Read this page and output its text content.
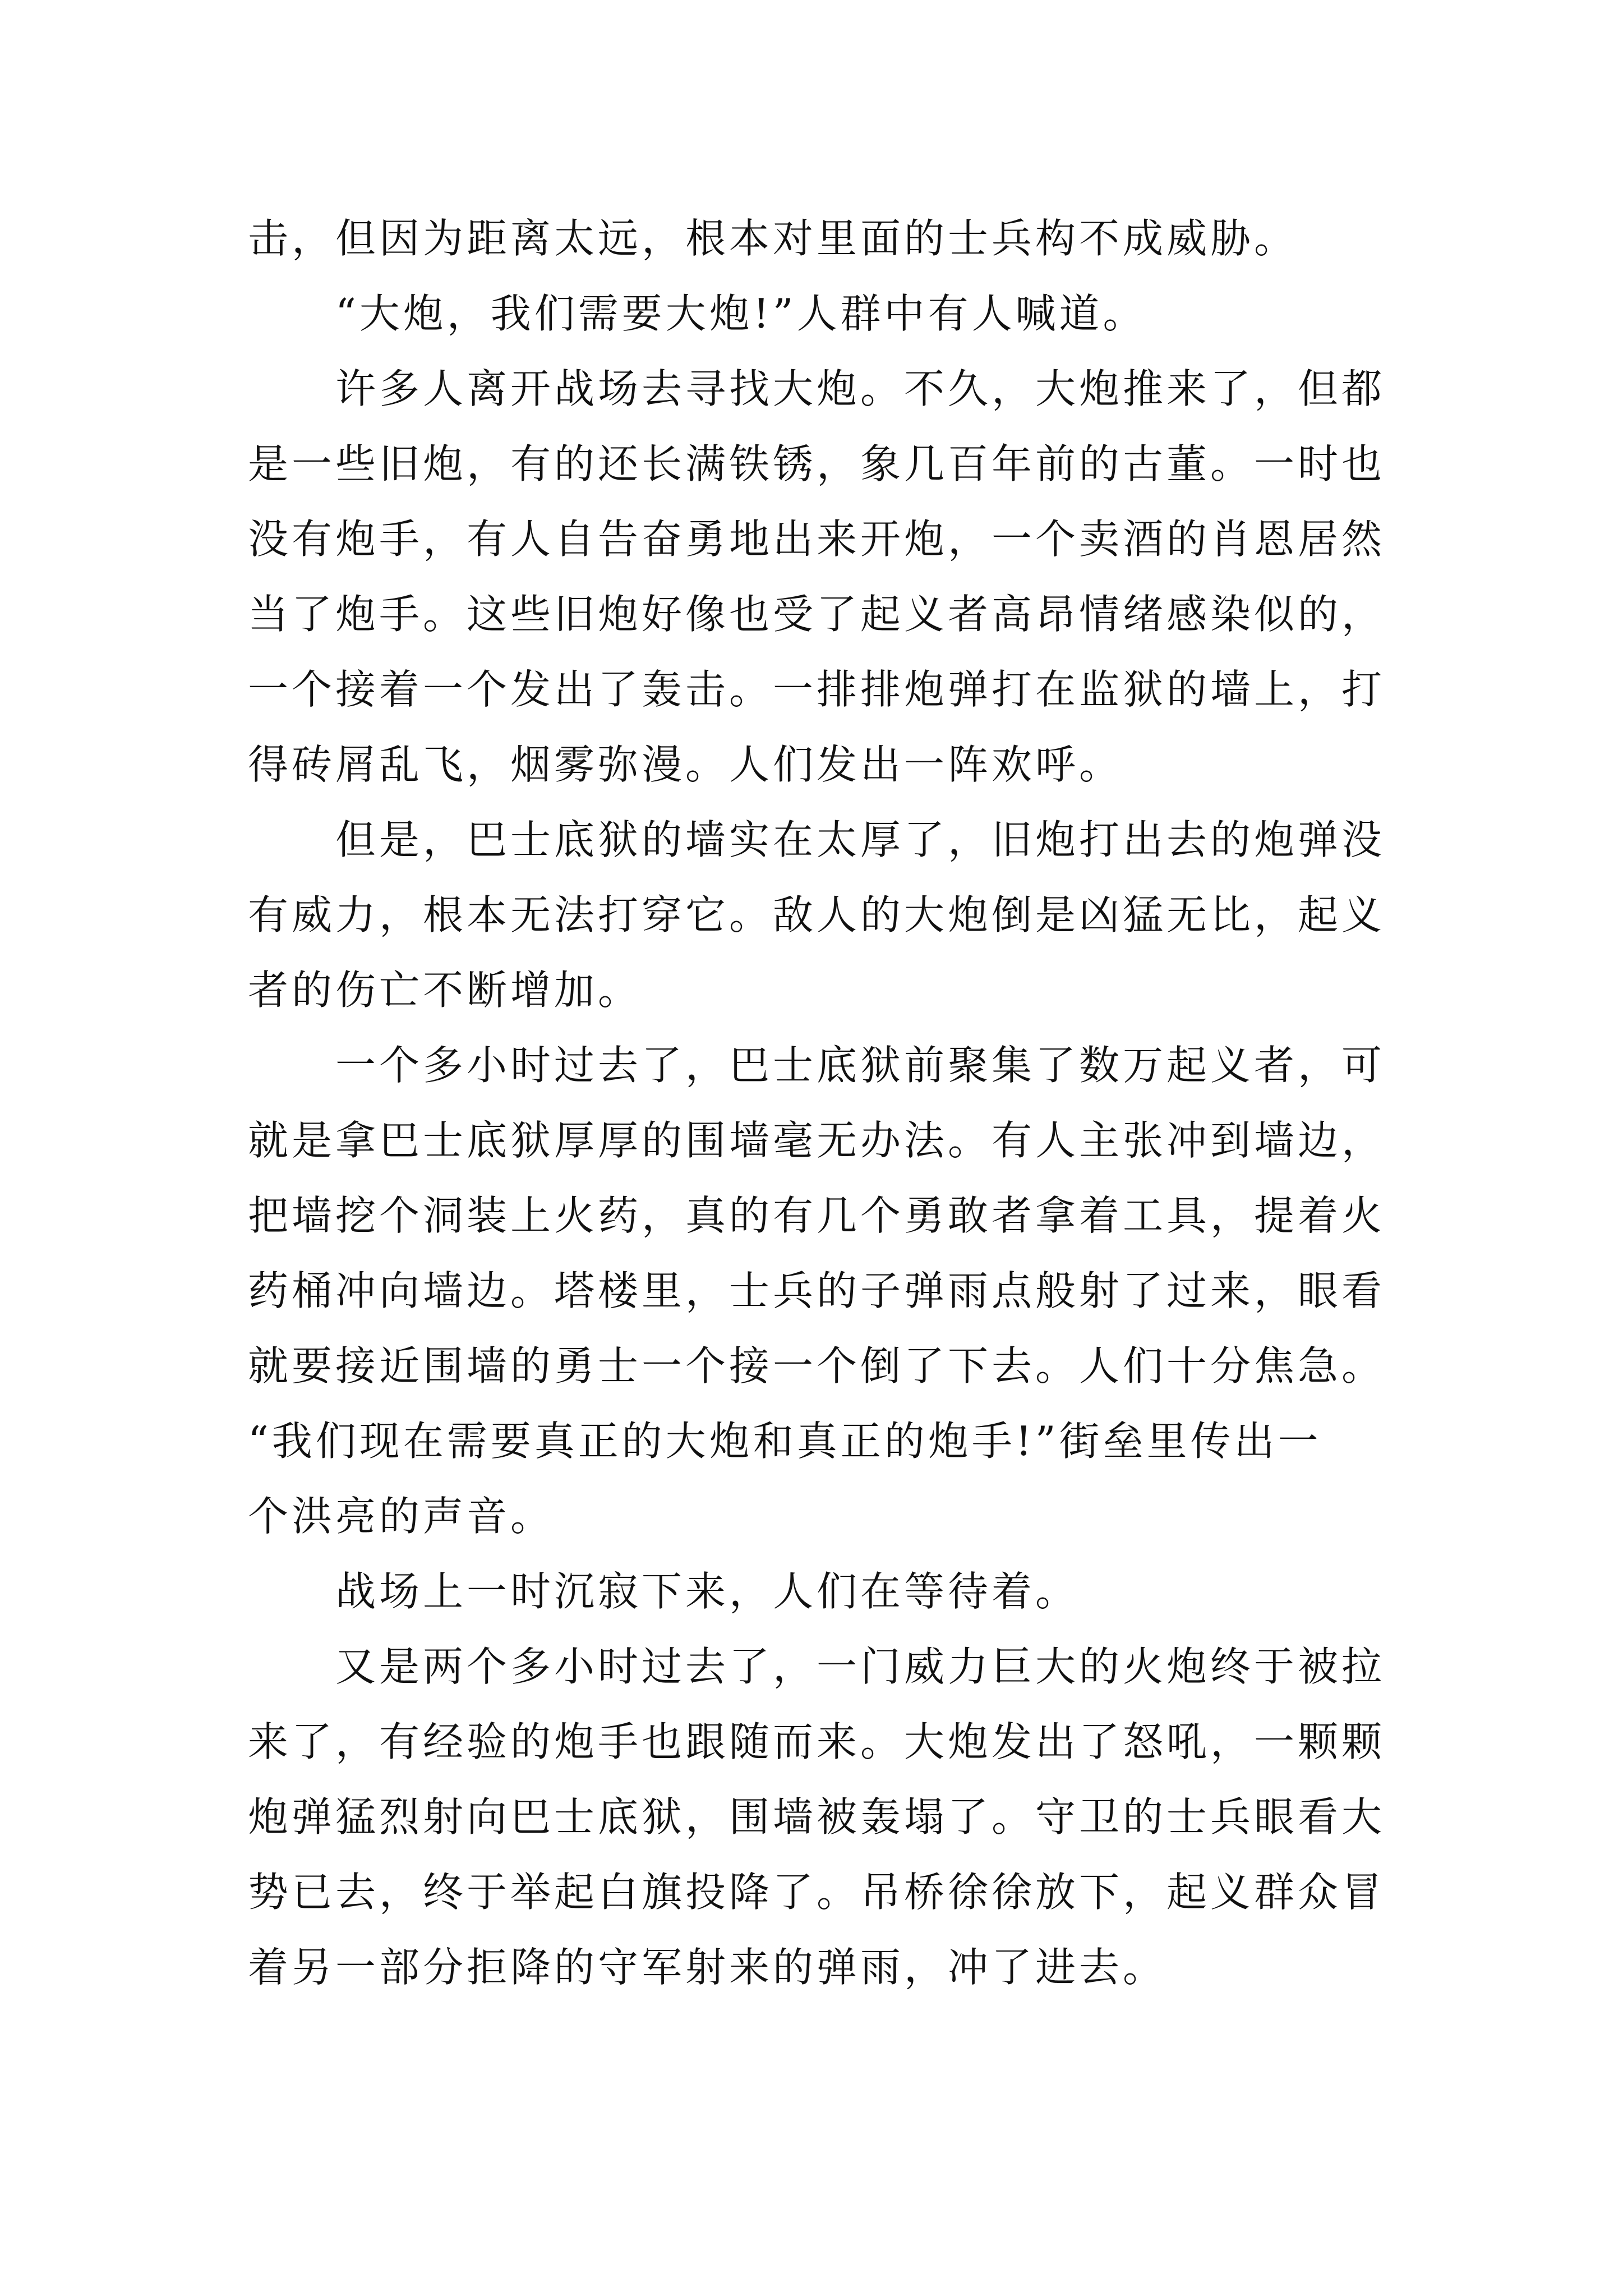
击，但因为距离太远，根本对里面的士兵构不成威胁。
“大炮，我们需要大炮!”人群中有人喊道。
许多人离开战场去寻找大炮。不久，大炮推来了，但都
是一些旧炮，有的还长满铁锈，象几百年前的古董。一时也
没有炮手，有人自告奋勇地出来开炮，一个卖酒的肖恩居然
当了炮手。这些旧炮好像也受了起义者高昂情绪感染似的，
一个接着一个发出了轰击。一排排炮弹打在监狱的墙上，打
得砖屑乱飞，烟雾弥漫。人们发出一阵欢呼。
但是，巴士底狱的墙实在太厚了，旧炮打出去的炮弹没
有威力，根本无法打穿它。敌人的大炮倒是凶猛无比，起义
者的伤亡不断增加。
一个多小时过去了，巴士底狱前聚集了数万起义者，可
就是拿巴士底狱厚厚的围墙毫无办法。有人主张冲到墙边，
把墙挖个洞装上火药，真的有几个勇敢者拿着工具，提着火
药桶冲向墙边。塔楼里，士兵的子弹雨点般射了过来，眼看
就要接近围墙的勇士一个接一个倒了下去。人们十分焦急。
“我们现在需要真正的大炮和真正的炮手!”街垒里传出一
个洪亮的声音。
战场上一时沉寂下来，人们在等待着。
又是两个多小时过去了，一门威力巨大的火炮终于被拉
来了，有经验的炮手也跟随而来。大炮发出了怒吼，一颗颗
炮弹猛烈射向巴士底狱，围墙被轰塌了。守卫的士兵眼看大
势已去，终于举起白旗投降了。吊桥徐徐放下，起义群众冒
着另一部分拒降的守军射来的弹雨，冲了进去。
